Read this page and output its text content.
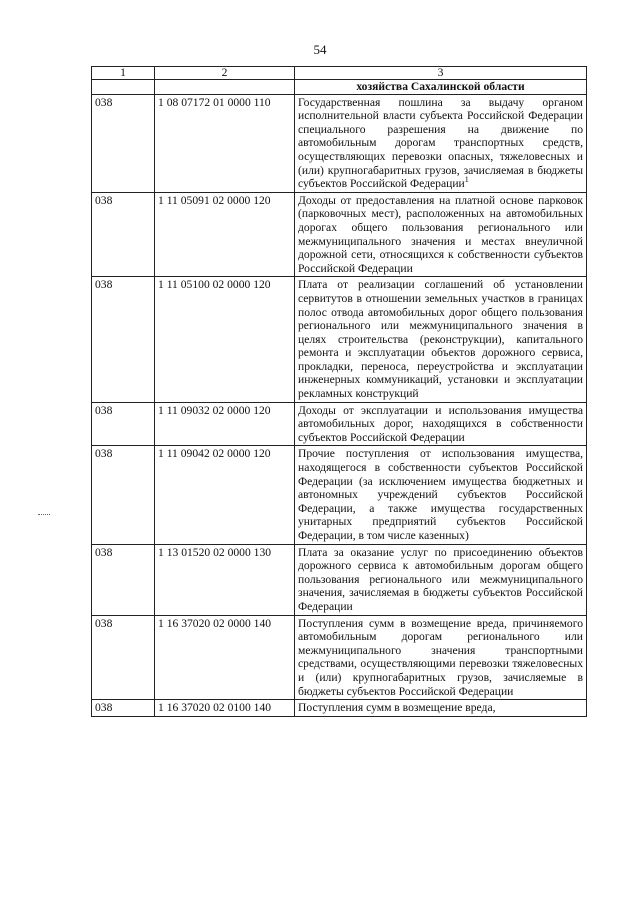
54
1	2	3
		хозяйства Сахалинской области
038	1 08 07172 01 0000 110	Государственная пошлина за выдачу органом исполнительной власти субъекта Российской Федерации специального разрешения на движение по автомобильным дорогам транспортных средств, осуществляющих перевозки опасных, тяжеловесных и (или) крупногабаритных грузов, зачисляемая в бюджеты субъектов Российской Федерации$^1$
038	1 11 05091 02 0000 120	Доходы от предоставления на платной основе парковок (парковочных мест), расположенных на автомобильных дорогах общего пользования регионального или межмуниципального значения и местах внеуличной дорожной сети, относящихся к собственности субъектов Российской Федерации
038	1 11 05100 02 0000 120	Плата от реализации соглашений об установлении сервитутов в отношении земельных участков в границах полос отвода автомобильных дорог общего пользования регионального или межмуниципального значения в целях строительства (реконструкции), капитального ремонта и эксплуатации объектов дорожного сервиса, прокладки, переноса, переустройства и эксплуатации инженерных коммуникаций, установки и эксплуатации рекламных конструкций
038	1 11 09032 02 0000 120	Доходы от эксплуатации и использования имущества автомобильных дорог, находящихся в собственности субъектов Российской Федерации
038	1 11 09042 02 0000 120	Прочие поступления от использования имущества, находящегося в собственности субъектов Российской Федерации (за исключением имущества бюджетных и автономных учреждений субъектов Российской Федерации, а также имущества государственных унитарных предприятий субъектов Российской Федерации, в том числе казенных)
038	1 13 01520 02 0000 130	Плата за оказание услуг по присоединению объектов дорожного сервиса к автомобильным дорогам общего пользования регионального или межмуниципального значения, зачисляемая в бюджеты субъектов Российской Федерации
038	1 16 37020 02 0000 140	Поступления сумм в возмещение вреда, причиняемого автомобильным дорогам регионального или межмуниципального значения транспортными средствами, осуществляющими перевозки тяжеловесных и (или) крупногабаритных грузов, зачисляемые в бюджеты субъектов Российской Федерации
038	1 16 37020 02 0100 140	Поступления сумм в возмещение вреда,
